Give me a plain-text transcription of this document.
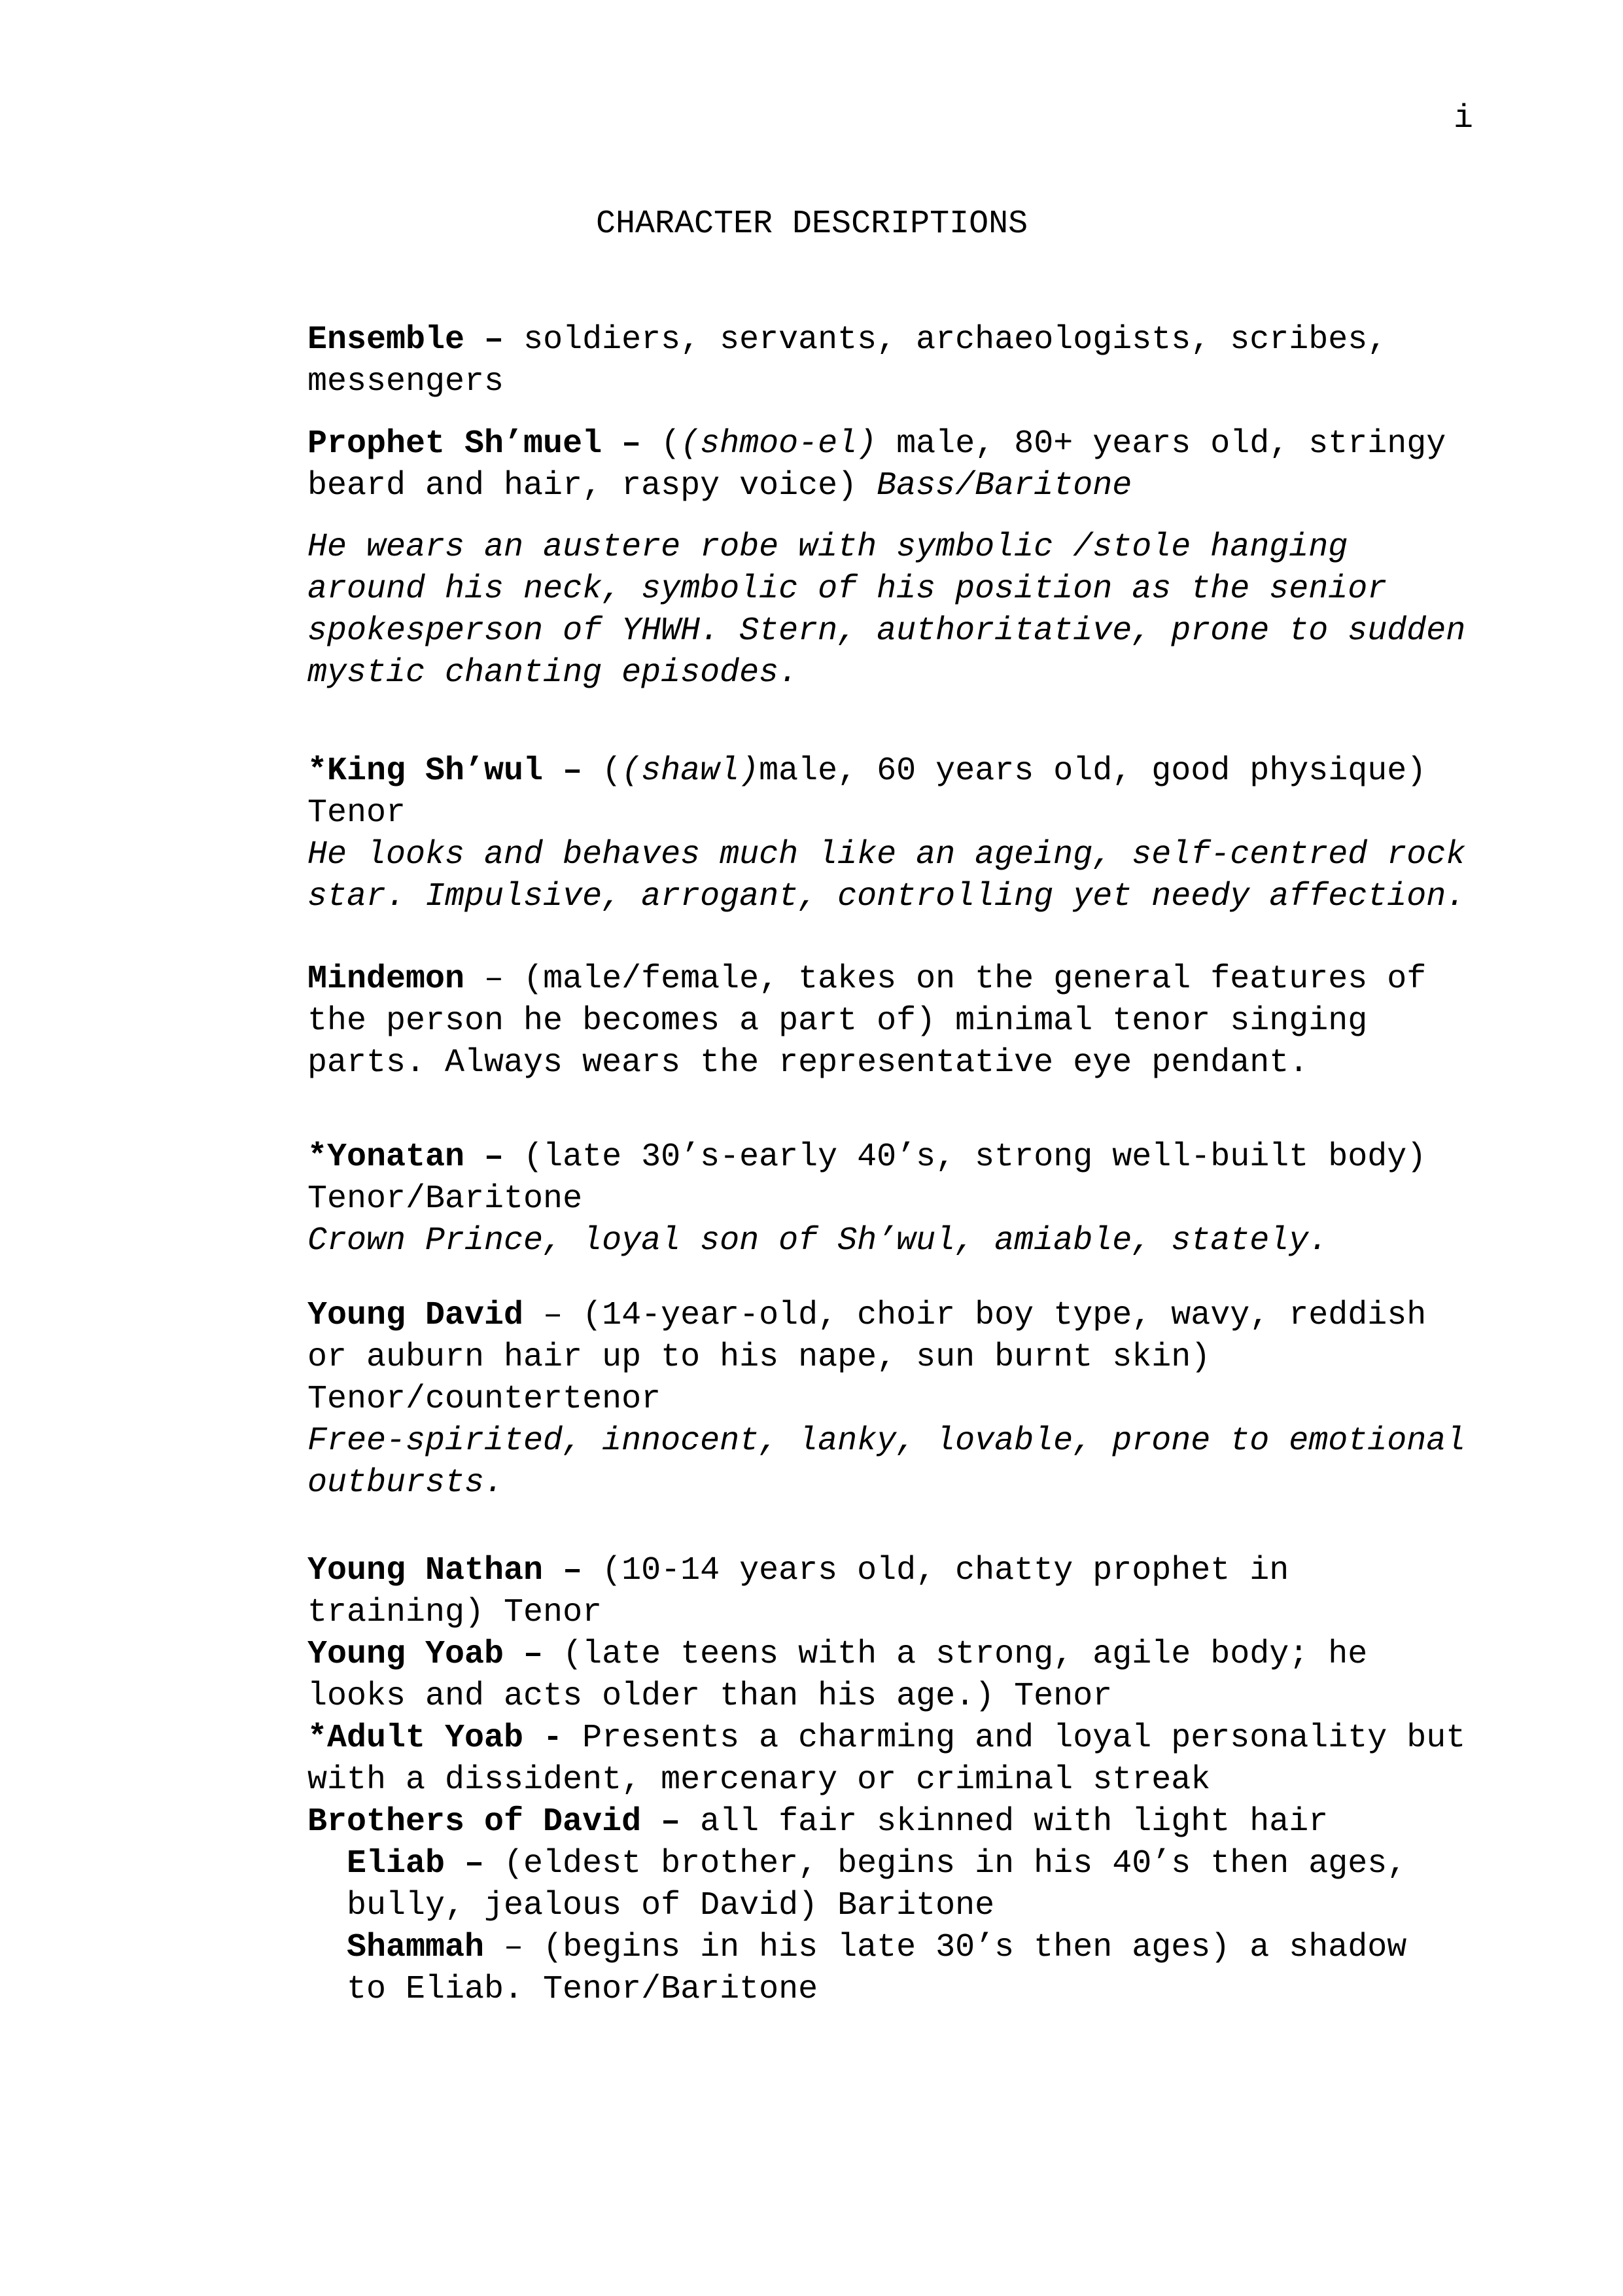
i
CHARACTER DESCRIPTIONS

Ensemble – soldiers, servants, archaeologists, scribes, messengers

Prophet Sh’muel – ((shmoo-el) male, 80+ years old, stringy beard and hair, raspy voice) Bass/Baritone

He wears an austere robe with symbolic /stole hanging around his neck, symbolic of his position as the senior spokesperson of YHWH. Stern, authoritative, prone to sudden mystic chanting episodes.

*King Sh’wul – ((shawl)male, 60 years old, good physique) Tenor
He looks and behaves much like an ageing, self-centred rock star. Impulsive, arrogant, controlling yet needy affection.

Mindemon – (male/female, takes on the general features of the person he becomes a part of) minimal tenor singing parts. Always wears the representative eye pendant.

*Yonatan – (late 30’s-early 40’s, strong well-built body) Tenor/Baritone
Crown Prince, loyal son of Sh’wul, amiable, stately.

Young David – (14-year-old, choir boy type, wavy, reddish or auburn hair up to his nape, sun burnt skin) Tenor/countertenor
Free-spirited, innocent, lanky, lovable, prone to emotional outbursts.

Young Nathan – (10-14 years old, chatty prophet in training) Tenor
Young Yoab – (late teens with a strong, agile body; he looks and acts older than his age.) Tenor
*Adult Yoab - Presents a charming and loyal personality but with a dissident, mercenary or criminal streak
Brothers of David – all fair skinned with light hair

Eliab – (eldest brother, begins in his 40’s then ages, bully, jealous of David) Baritone

Shammah – (begins in his late 30’s then ages) a shadow to Eliab. Tenor/Baritone
